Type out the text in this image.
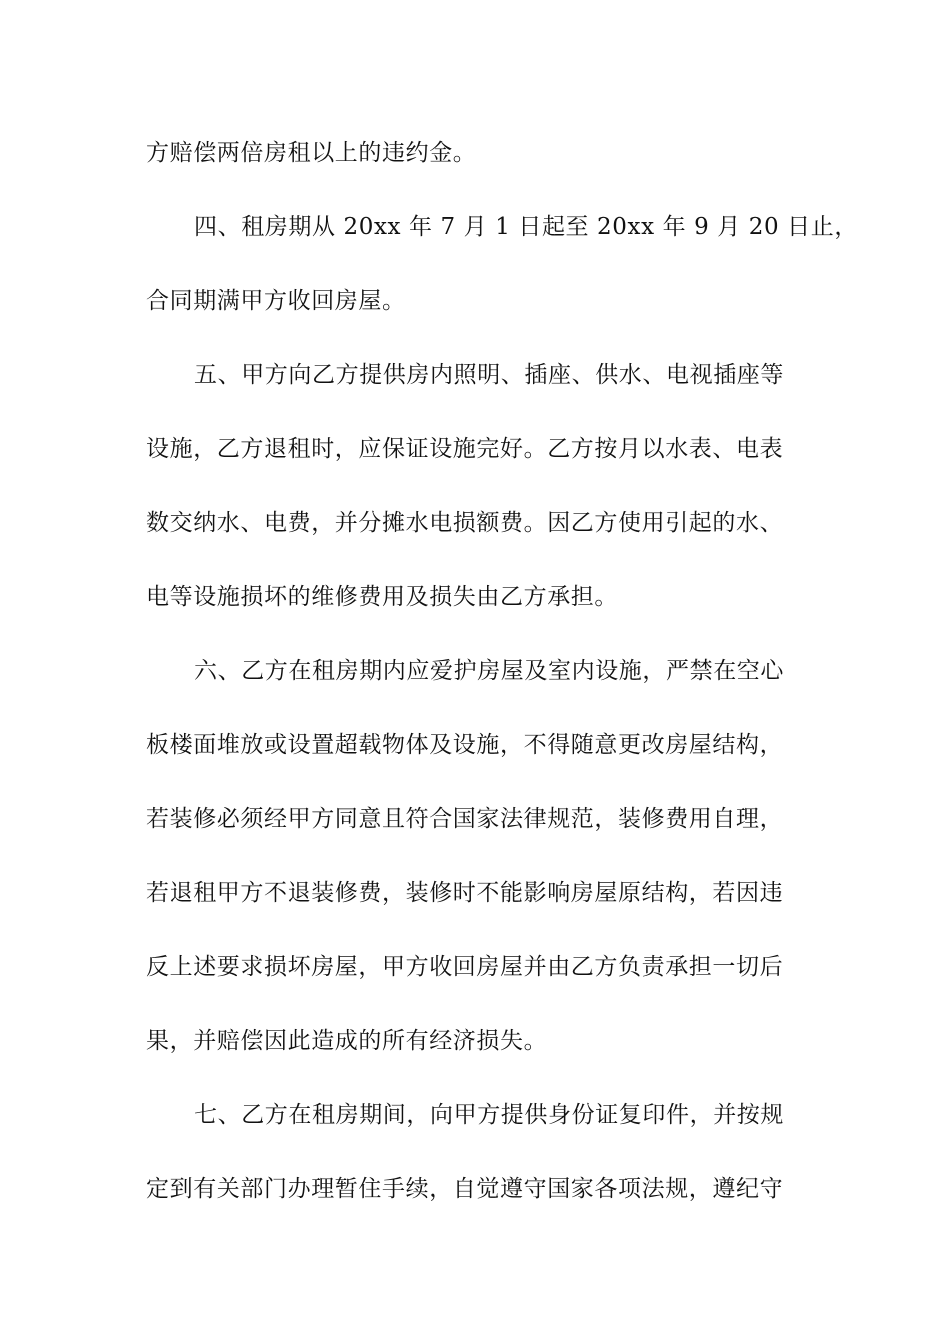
方赔偿两倍房租以上的违约金。
四、租房期从 20xx 年 7 月 1 日起至 20xx 年 9 月 20 日止，
合同期满甲方收回房屋。
五、甲方向乙方提供房内照明、插座、供水、电视插座等
设施，乙方退租时，应保证设施完好。乙方按月以水表、电表
数交纳水、电费，并分摊水电损额费。因乙方使用引起的水、
电等设施损坏的维修费用及损失由乙方承担。
六、乙方在租房期内应爱护房屋及室内设施，严禁在空心
板楼面堆放或设置超载物体及设施，不得随意更改房屋结构，
若装修必须经甲方同意且符合国家法律规范，装修费用自理，
若退租甲方不退装修费，装修时不能影响房屋原结构，若因违
反上述要求损坏房屋，甲方收回房屋并由乙方负责承担一切后
果，并赔偿因此造成的所有经济损失。
七、乙方在租房期间，向甲方提供身份证复印件，并按规
定到有关部门办理暂住手续，自觉遵守国家各项法规，遵纪守
